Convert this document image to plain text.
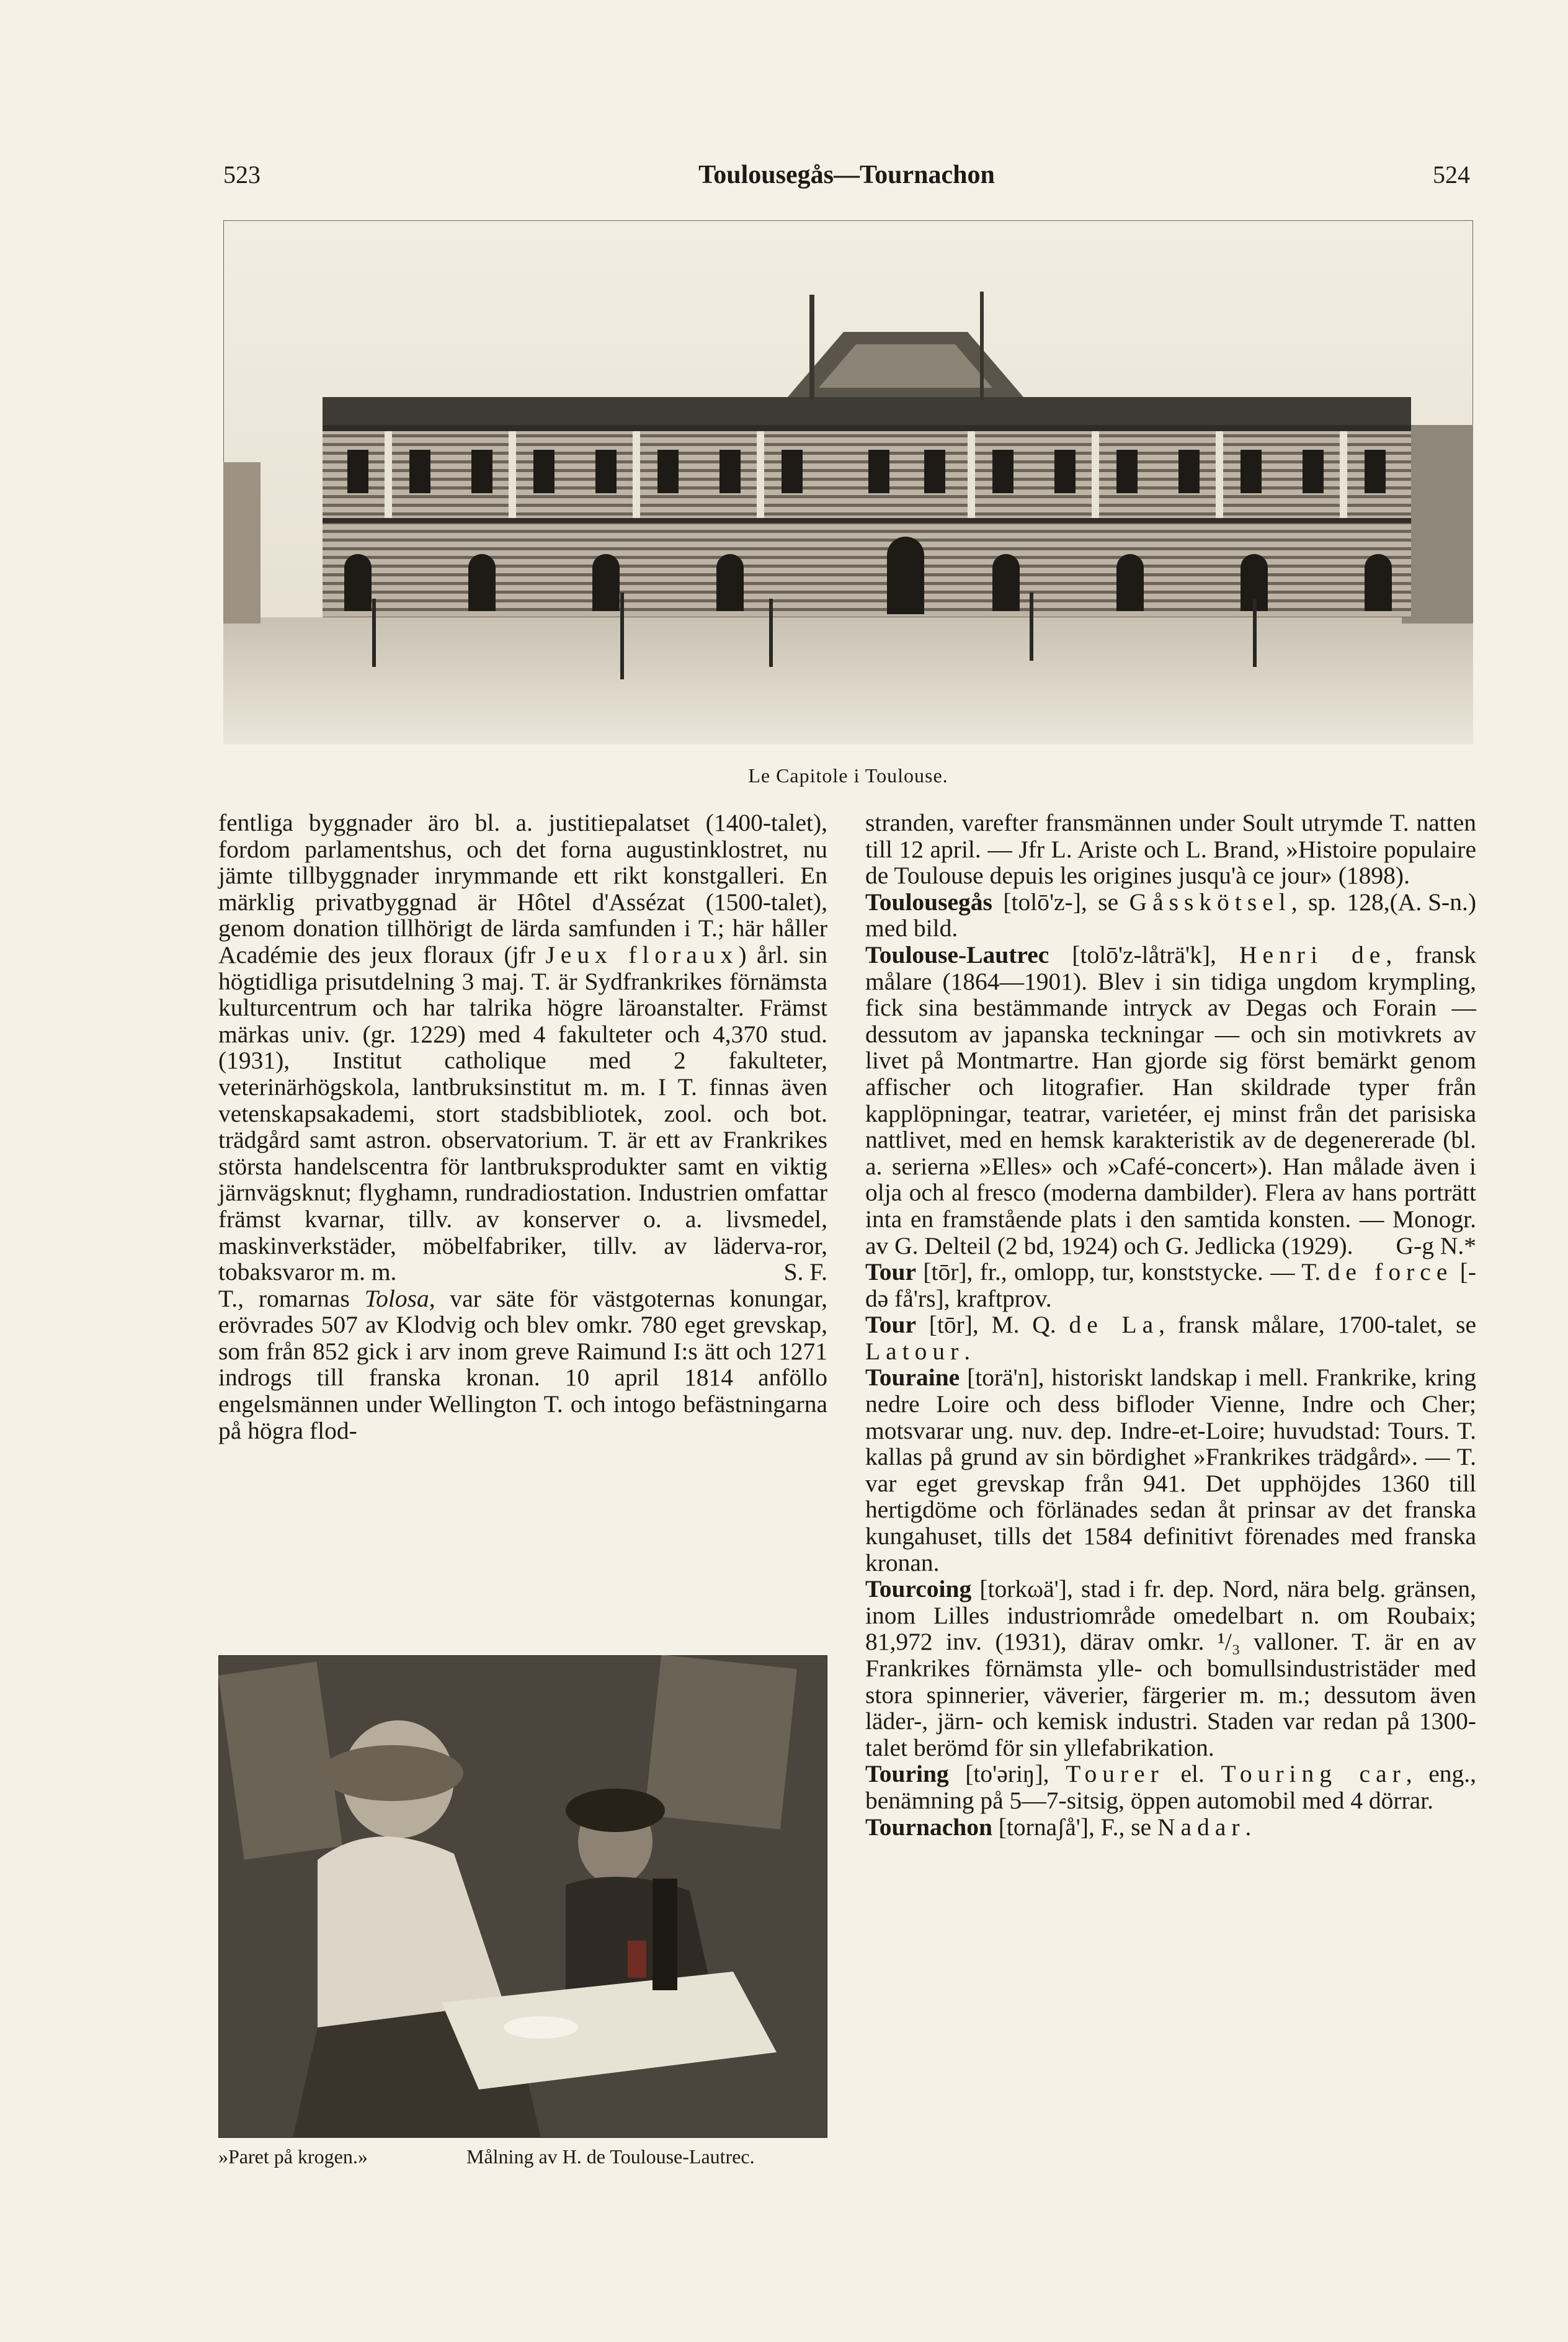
523	Toulousegås—Tournachon	524
Le Capitole i Toulouse.

fentliga byggnader äro bl. a. justitiepalatset (1400-talet), fordom parlamentshus, och det forna augustinklostret, nu jämte tillbyggnader inrymmande ett rikt konstgalleri. En märklig privatbyggnad är Hôtel d'Assézat (1500-talet), genom donation tillhörigt de lärda samfunden i T.; här håller Académie des jeux floraux (jfr Jeux floraux) årl. sin högtidliga prisutdelning 3 maj. T. är Sydfrankrikes förnämsta kulturcentrum och har talrika högre läroanstalter. Främst märkas univ. (gr. 1229) med 4 fakulteter och 4,370 stud. (1931), Institut catholique med 2 fakulteter, veterinärhögskola, lantbruksinstitut m. m. I T. finnas även vetenskapsakademi, stort stadsbibliotek, zool. och bot. trädgård samt astron. observatorium. T. är ett av Frankrikes största handelscentra för lantbruksprodukter samt en viktig järnvägsknut; flyghamn, rundradiostation. Industrien omfattar främst kvarnar, tillv. av konserver o. a. livsmedel, maskinverkstäder, möbelfabriker, tillv. av läderva-ror, tobaksvaror m. m.	S. F.

T., romarnas Tolosa, var säte för västgoternas konungar, erövrades 507 av Klodvig och blev omkr. 780 eget grevskap, som från 852 gick i arv inom greve Raimund I:s ätt och 1271 indrogs till franska kronan. 10 april 1814 anföllo engelsmännen under Wellington T. och intogo befästningarna på högra flod-

»Paret på krogen.»	Målning av H. de Toulouse-Lautrec.

stranden, varefter fransmännen under Soult utrymde T. natten till 12 april. — Jfr L. Ariste och L. Brand, »Histoire populaire de Toulouse depuis les origines jusqu'à ce jour» (1898).
(A. S-n.)

Toulousegås [tolō'z-], se Gåsskötsel, sp. 128, med bild.

Toulouse-Lautrec [tolō'z-låträ'k], Henri de, fransk målare (1864—1901). Blev i sin tidiga ungdom krympling, fick sina bestämmande intryck av Degas och Forain — dessutom av japanska teckningar — och sin motivkrets av livet på Montmartre. Han gjorde sig först bemärkt genom affischer och litografier. Han skildrade typer från kapplöpningar, teatrar, varietéer, ej minst från det parisiska nattlivet, med en hemsk karakteristik av de degenererade (bl. a. serierna »Elles» och »Café-concert»). Han målade även i olja och al fresco (moderna dambilder). Flera av hans porträtt inta en framstående plats i den samtida konsten. — Monogr. av G. Delteil (2 bd, 1924) och G. Jedlicka (1929). G-g N.*

Tour [tōr], fr., omlopp, tur, konststycke. — T. de force [-də få'rs], kraftprov.

Tour [tōr], M. Q. de La, fransk målare, 1700-talet, se Latour.

Touraine [torä'n], historiskt landskap i mell. Frankrike, kring nedre Loire och dess bifloder Vienne, Indre och Cher; motsvarar ung. nuv. dep. Indre-et-Loire; huvudstad: Tours. T. kallas på grund av sin bördighet »Frankrikes trädgård». — T. var eget grevskap från 941. Det upphöjdes 1360 till hertigdöme och förlänades sedan åt prinsar av det franska kungahuset, tills det 1584 definitivt förenades med franska kronan.

Tourcoing [torkωä'], stad i fr. dep. Nord, nära belg. gränsen, inom Lilles industriområde omedelbart n. om Roubaix; 81,972 inv. (1931), därav omkr. ¹/₃ valloner. T. är en av Frankrikes förnämsta ylle- och bomullsindustristäder med stora spinnerier, väverier, färgerier m. m.; dessutom även läder-, järn- och kemisk industri. Staden var redan på 1300-talet berömd för sin yllefabrikation.

Touring [to'əriŋ], Tourer el. Touring car, eng., benämning på 5—7-sitsig, öppen automobil med 4 dörrar.

Tournachon [tornaʃå'], F., se Nadar.
